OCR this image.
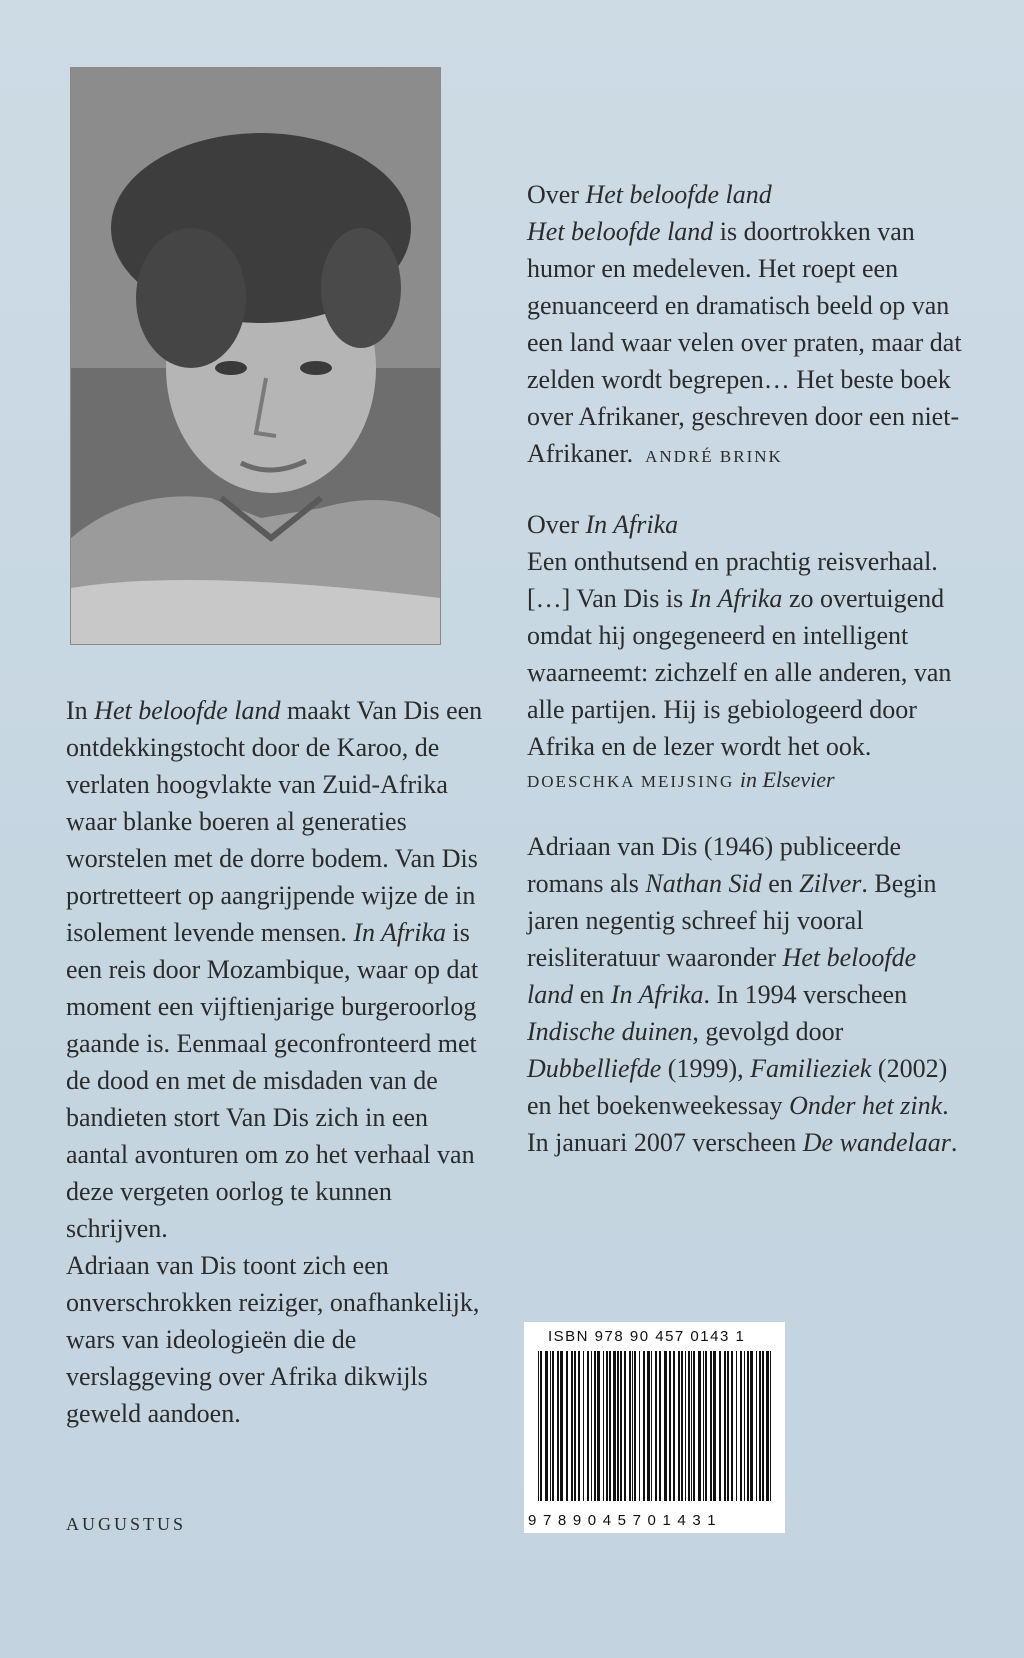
In Het beloofde land maakt Van Dis een ontdekkingstocht door de Karoo, de verlaten hoogvlakte van Zuid-Afrika waar blanke boeren al generaties worstelen met de dorre bodem. Van Dis portretteert op aangrijpende wijze de in isolement levende mensen. In Afrika is een reis door Mozambique, waar op dat moment een vijftienjarige burgeroorlog gaande is. Eenmaal geconfronteerd met de dood en met de misdaden van de bandieten stort Van Dis zich in een aantal avonturen om zo het verhaal van deze vergeten oorlog te kunnen schrijven.

Adriaan van Dis toont zich een onverschrokken reiziger, onafhankelijk, wars van ideologieën die de verslaggeving over Afrika dikwijls geweld aandoen.

AUGUSTUS

Over Het beloofde land

Het beloofde land is doortrokken van humor en medeleven. Het roept een genuanceerd en dramatisch beeld op van een land waar velen over praten, maar dat zelden wordt begrepen… Het beste boek over Afrikaner, geschreven door een niet-Afrikaner. ANDRÉ BRINK

Over In Afrika

Een onthutsend en prachtig reisverhaal. […] Van Dis is In Afrika zo overtuigend omdat hij ongegeneerd en intelligent waarneemt: zichzelf en alle anderen, van alle partijen. Hij is gebiologeerd door Afrika en de lezer wordt het ook.

DOESCHKA MEIJSING in Elsevier

Adriaan van Dis (1946) publiceerde romans als Nathan Sid en Zilver. Begin jaren negentig schreef hij vooral reisliteratuur waaronder Het beloofde land en In Afrika. In 1994 verscheen Indische duinen, gevolgd door Dubbelliefde (1999), Familieziek (2002) en het boekenweekessay Onder het zink. In januari 2007 verscheen De wandelaar.

ISBN 978 90 457 0143 1
9789045701431
